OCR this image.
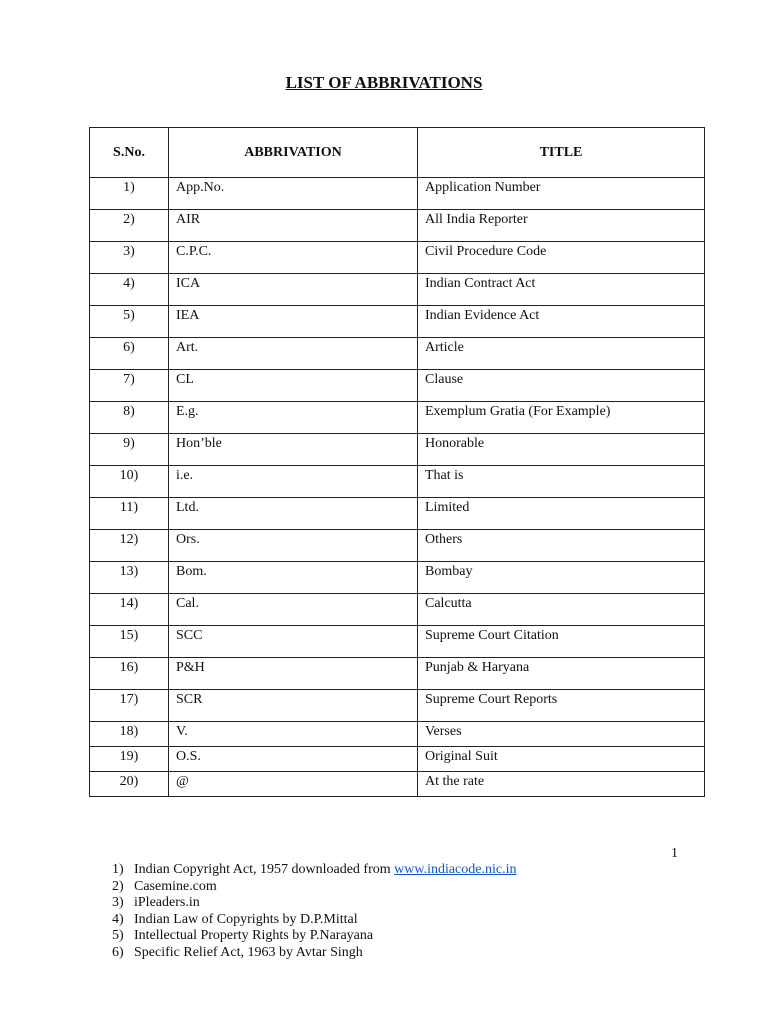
LIST OF ABBRIVATIONS
S.No.	ABBRIVATION	TITLE
1)	App.No.	Application Number
2)	AIR	All India Reporter
3)	C.P.C.	Civil Procedure Code
4)	ICA	Indian Contract Act
5)	IEA	Indian Evidence Act
6)	Art.	Article
7)	CL	Clause
8)	E.g.	Exemplum Gratia (For Example)
9)	Hon’ble	Honorable
10)	i.e.	That is
11)	Ltd.	Limited
12)	Ors.	Others
13)	Bom.	Bombay
14)	Cal.	Calcutta
15)	SCC	Supreme Court Citation
16)	P&H	Punjab & Haryana
17)	SCR	Supreme Court Reports
18)	V.	Verses
19)	O.S.	Original Suit
20)	@	At the rate
1
1) Indian Copyright Act, 1957 downloaded from www.indiacode.nic.in
2) Casemine.com
3) iPleaders.in
4) Indian Law of Copyrights by D.P.Mittal
5) Intellectual Property Rights by P.Narayana
6) Specific Relief Act, 1963 by Avtar Singh
